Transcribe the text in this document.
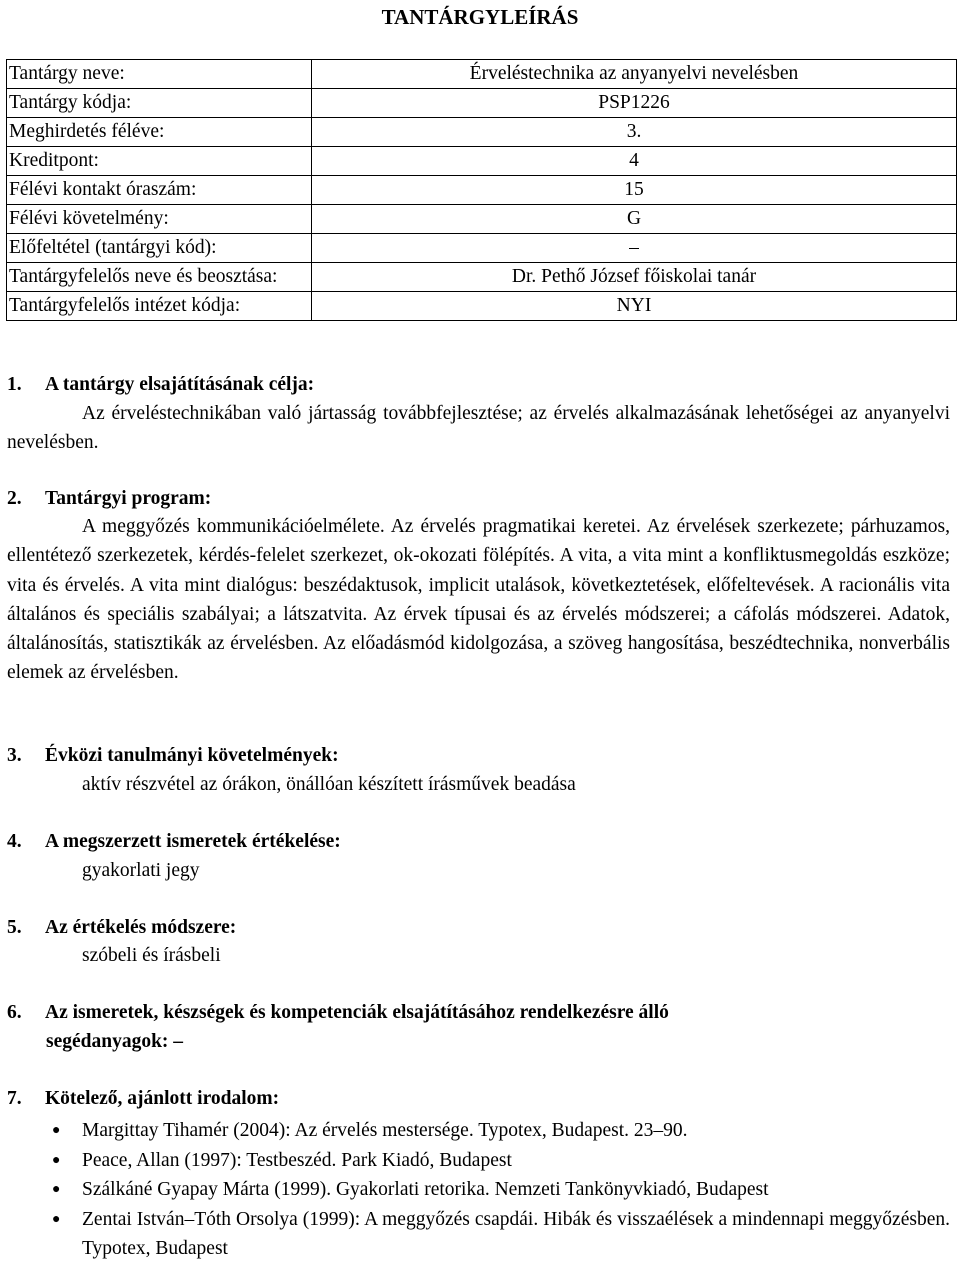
TANTÁRGYLEÍRÁS
Tantárgy neve:	Érveléstechnika az anyanyelvi nevelésben
Tantárgy kódja:	PSP1226
Meghirdetés féléve:	3.
Kreditpont:	4
Félévi kontakt óraszám:	15
Félévi követelmény:	G
Előfeltétel (tantárgyi kód):	–
Tantárgyfelelős neve és beosztása:	Dr. Pethő József főiskolai tanár
Tantárgyfelelős intézet kódja:	NYI
1. A tantárgy elsajátításának célja:
Az érveléstechnikában való jártasság továbbfejlesztése; az érvelés alkalmazásának lehetőségei az anyanyelvi nevelésben.
2. Tantárgyi program:
A meggyőzés kommunikációelmélete. Az érvelés pragmatikai keretei. Az érvelések szerkezete; párhuzamos, ellentétező szerkezetek, kérdés-felelet szerkezet, ok-okozati fölépítés. A vita, a vita mint a konfliktusmegoldás eszköze; vita és érvelés. A vita mint dialógus: beszédaktusok, implicit utalások, következtetések, előfeltevések. A racionális vita általános és speciális szabályai; a látszatvita. Az érvek típusai és az érvelés módszerei; a cáfolás módszerei. Adatok, általánosítás, statisztikák az érvelésben. Az előadásmód kidolgozása, a szöveg hangosítása, beszédtechnika, nonverbális elemek az érvelésben.
3. Évközi tanulmányi követelmények:
aktív részvétel az órákon, önállóan készített írásművek beadása
4. A megszerzett ismeretek értékelése:
gyakorlati jegy
5. Az értékelés módszere:
szóbeli és írásbeli
6. Az ismeretek, készségek és kompetenciák elsajátításához rendelkezésre álló
segédanyagok: –
7. Kötelező, ajánlott irodalom:
● Margittay Tihamér (2004): Az érvelés mestersége. Typotex, Budapest. 23–90.
● Peace, Allan (1997): Testbeszéd. Park Kiadó, Budapest
● Szálkáné Gyapay Márta (1999). Gyakorlati retorika. Nemzeti Tankönyvkiadó, Budapest
● Zentai István–Tóth Orsolya (1999): A meggyőzés csapdái. Hibák és visszaélések a mindennapi meggyőzésben. Typotex, Budapest
